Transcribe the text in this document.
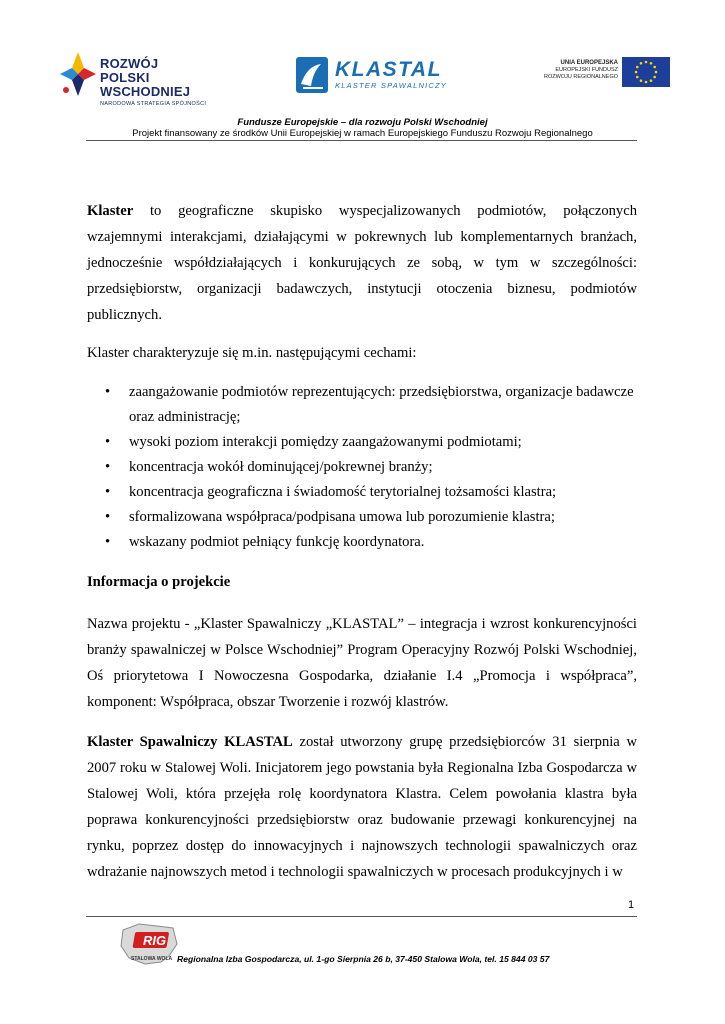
ROZWÓJ
POLSKI WSCHODNIEJ
NARODOWA STRATEGIA SPÓJNOŚCI
KLASTAL
KLASTER SPAWALNICZY
UNIA EUROPEJSKA
EUROPEJSKI FUNDUSZ
ROZWOJU REGIONALNEGO
Fundusze Europejskie – dla rozwoju Polski Wschodniej
Projekt finansowany ze środków Unii Europejskiej w ramach Europejskiego Funduszu Rozwoju Regionalnego

Klaster to geograficzne skupisko wyspecjalizowanych podmiotów, połączonych wzajemnymi interakcjami, działającymi w pokrewnych lub komplementarnych branżach, jednocześnie współdziałających i konkurujących ze sobą, w tym w szczególności: przedsiębiorstw, organizacji badawczych, instytucji otoczenia biznesu, podmiotów publicznych.

Klaster charakteryzuje się m.in. następującymi cechami:

• zaangażowanie podmiotów reprezentujących: przedsiębiorstwa, organizacje badawcze oraz administrację;
• wysoki poziom interakcji pomiędzy zaangażowanymi podmiotami;
• koncentracja wokół dominującej/pokrewnej branży;
• koncentracja geograficzna i świadomość terytorialnej tożsamości klastra;
• sformalizowana współpraca/podpisana umowa lub porozumienie klastra;
• wskazany podmiot pełniący funkcję koordynatora.

Informacja o projekcie

Nazwa projektu - „Klaster Spawalniczy „KLASTAL” – integracja i wzrost konkurencyjności branży spawalniczej w Polsce Wschodniej” Program Operacyjny Rozwój Polski Wschodniej, Oś priorytetowa I Nowoczesna Gospodarka, działanie I.4 „Promocja i współpraca”, komponent: Współpraca, obszar Tworzenie i rozwój klastrów.

Klaster Spawalniczy KLASTAL został utworzony grupę przedsiębiorców 31 sierpnia w 2007 roku w Stalowej Woli. Inicjatorem jego powstania była Regionalna Izba Gospodarcza w Stalowej Woli, która przejęła rolę koordynatora Klastra. Celem powołania klastra była poprawa konkurencyjności przedsiębiorstw oraz budowanie przewagi konkurencyjnej na rynku, poprzez dostęp do innowacyjnych i najnowszych technologii spawalniczych oraz wdrażanie najnowszych metod i technologii spawalniczych w procesach produkcyjnych i w

1
RIG
STALOWA WOLA Regionalna Izba Gospodarcza, ul. 1-go Sierpnia 26 b, 37-450 Stalowa Wola, tel. 15 844 03 57
